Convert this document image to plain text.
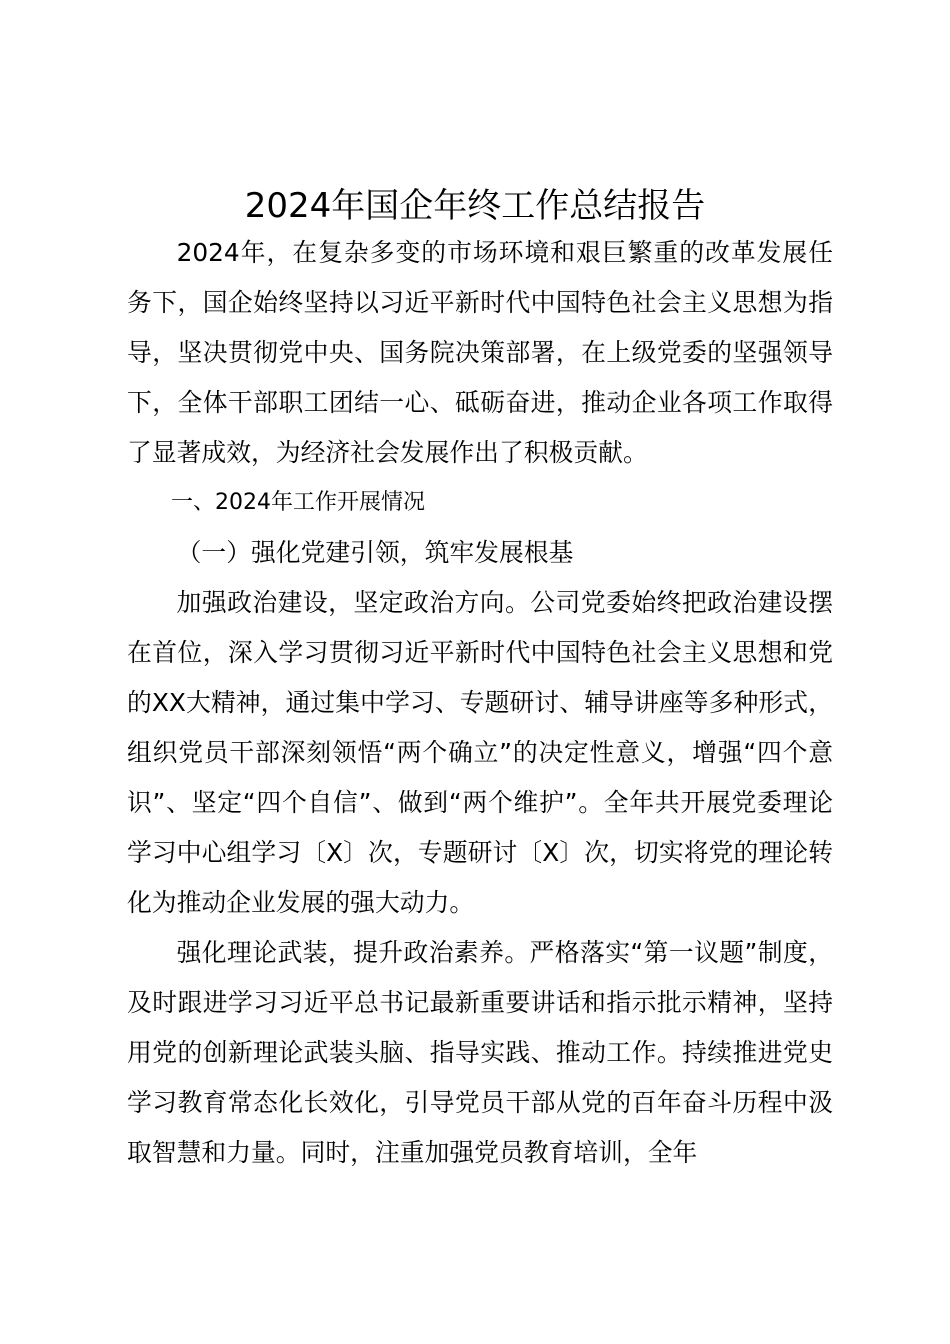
2024年国企年终工作总结报告

2024年，在复杂多变的市场环境和艰巨繁重的改革发展任务下，国企始终坚持以习近平新时代中国特色社会主义思想为指导，坚决贯彻党中央、国务院决策部署，在上级党委的坚强领导下，全体干部职工团结一心、砥砺奋进，推动企业各项工作取得了显著成效，为经济社会发展作出了积极贡献。

一、2024年工作开展情况

（一）强化党建引领，筑牢发展根基

加强政治建设，坚定政治方向。公司党委始终把政治建设摆在首位，深入学习贯彻习近平新时代中国特色社会主义思想和党的XX大精神，通过集中学习、专题研讨、辅导讲座等多种形式，组织党员干部深刻领悟“两个确立”的决定性意义，增强“四个意识”、坚定“四个自信”、做到“两个维护”。全年共开展党委理论学习中心组学习〔X〕次，专题研讨〔X〕次，切实将党的理论转化为推动企业发展的强大动力。

强化理论武装，提升政治素养。严格落实“第一议题”制度，及时跟进学习习近平总书记最新重要讲话和指示批示精神，坚持用党的创新理论武装头脑、指导实践、推动工作。持续推进党史学习教育常态化长效化，引导党员干部从党的百年奋斗历程中汲取智慧和力量。同时，注重加强党员教育培训，全年
